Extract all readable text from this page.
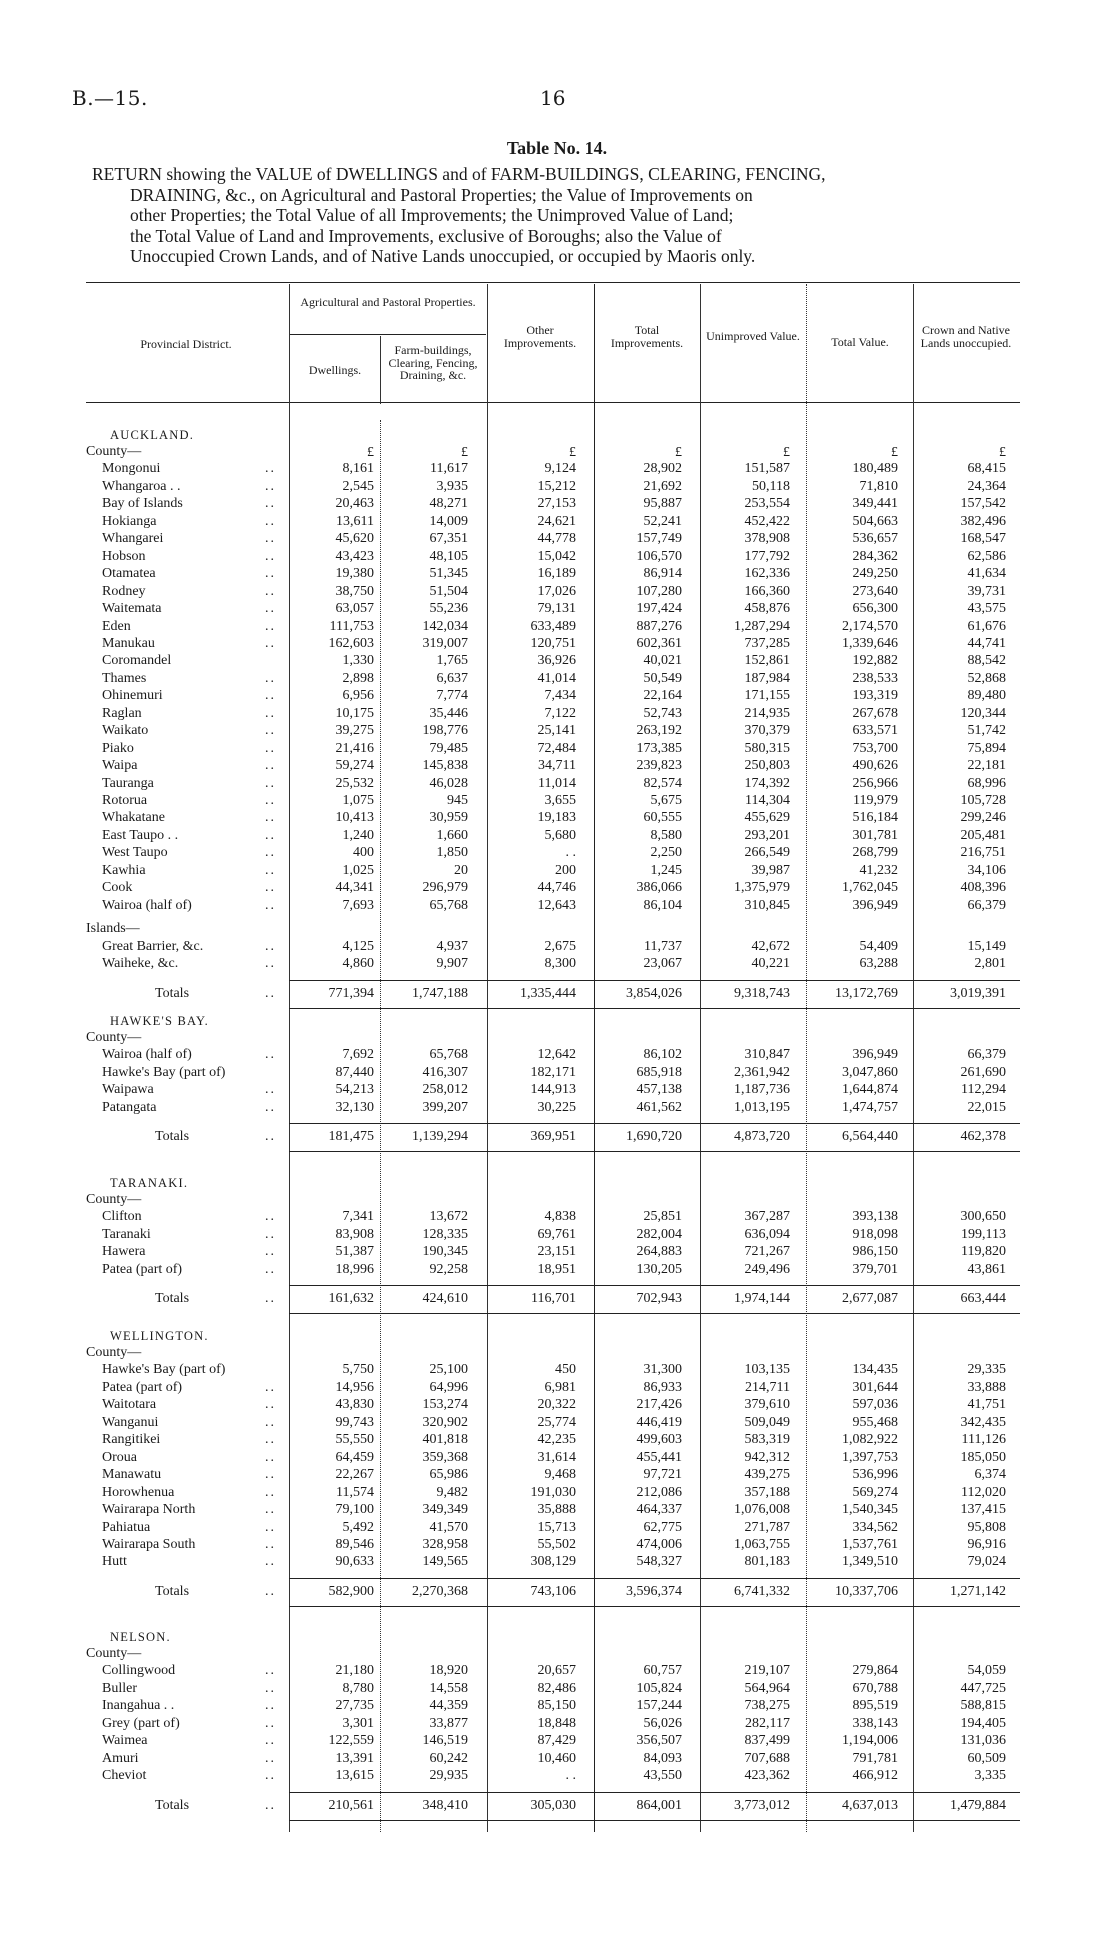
B.—15.	16
Table No. 14.
RETURN showing the VALUE of DWELLINGS and of FARM-BUILDINGS, CLEARING, FENCING,
DRAINING, &c., on Agricultural and Pastoral Properties; the Value of Improvements on
other Properties; the Total Value of all Improvements; the Unimproved Value of Land;
the Total Value of Land and Improvements, exclusive of Boroughs; also the Value of
Unoccupied Crown Lands, and of Native Lands unoccupied, or occupied by Maoris only.
Provincial District.
Agricultural and Pastoral Properties.
Dwellings.
Farm-buildings, Clearing, Fencing, Draining, &c.
Other Improvements.
Total Improvements.	Unimproved Value.	Total Value.
Crown and Native Lands unoccupied.
AUCKLAND.
£	£	£	£	£	£	£
County—
Mongonui	..	8,161	11,617	9,124	28,902	151,587	180,489	68,415
Whangaroa . .	..	2,545	3,935	15,212	21,692	50,118	71,810	24,364
Bay of Islands	..	20,463	48,271	27,153	95,887	253,554	349,441	157,542
Hokianga	..	13,611	14,009	24,621	52,241	452,422	504,663	382,496
Whangarei	..	45,620	67,351	44,778	157,749	378,908	536,657	168,547
Hobson	..	43,423	48,105	15,042	106,570	177,792	284,362	62,586
Otamatea	..	19,380	51,345	16,189	86,914	162,336	249,250	41,634
Rodney	..	38,750	51,504	17,026	107,280	166,360	273,640	39,731
Waitemata	..	63,057	55,236	79,131	197,424	458,876	656,300	43,575
Eden	..	111,753	142,034	633,489	887,276	1,287,294	2,174,570	61,676
Manukau	..	162,603	319,007	120,751	602,361	737,285	1,339,646	44,741
Coromandel	1,330	1,765	36,926	40,021	152,861	192,882	88,542
Thames	..	2,898	6,637	41,014	50,549	187,984	238,533	52,868
Ohinemuri	..	6,956	7,774	7,434	22,164	171,155	193,319	89,480
Raglan	..	10,175	35,446	7,122	52,743	214,935	267,678	120,344
Waikato	..	39,275	198,776	25,141	263,192	370,379	633,571	51,742
Piako	..	21,416	79,485	72,484	173,385	580,315	753,700	75,894
Waipa	..	59,274	145,838	34,711	239,823	250,803	490,626	22,181
Tauranga	..	25,532	46,028	11,014	82,574	174,392	256,966	68,996
Rotorua	..	1,075	945	3,655	5,675	114,304	119,979	105,728
Whakatane	..	10,413	30,959	19,183	60,555	455,629	516,184	299,246
East Taupo . .	..	1,240	1,660	5,680	8,580	293,201	301,781	205,481
West Taupo	..	400	1,850	. .	2,250	266,549	268,799	216,751
Kawhia	..	1,025	20	200	1,245	39,987	41,232	34,106
Cook	..	44,341	296,979	44,746	386,066	1,375,979	1,762,045	408,396
Wairoa (half of)	..	7,693	65,768	12,643	86,104	310,845	396,949	66,379
Islands—
Great Barrier, &c.	..	4,125	4,937	2,675	11,737	42,672	54,409	15,149
Waiheke, &c.	..	4,860	9,907	8,300	23,067	40,221	63,288	2,801
Totals	..	771,394	1,747,188	1,335,444	3,854,026	9,318,743	13,172,769	3,019,391
HAWKE'S BAY.
County—
Wairoa (half of)	..	7,692	65,768	12,642	86,102	310,847	396,949	66,379
Hawke's Bay (part of)	87,440	416,307	182,171	685,918	2,361,942	3,047,860	261,690
Waipawa	..	54,213	258,012	144,913	457,138	1,187,736	1,644,874	112,294
Patangata	..	32,130	399,207	30,225	461,562	1,013,195	1,474,757	22,015
Totals	..	181,475	1,139,294	369,951	1,690,720	4,873,720	6,564,440	462,378
TARANAKI.
County—
Clifton	..	7,341	13,672	4,838	25,851	367,287	393,138	300,650
Taranaki	..	83,908	128,335	69,761	282,004	636,094	918,098	199,113
Hawera	..	51,387	190,345	23,151	264,883	721,267	986,150	119,820
Patea (part of)	..	18,996	92,258	18,951	130,205	249,496	379,701	43,861
Totals	..	161,632	424,610	116,701	702,943	1,974,144	2,677,087	663,444
WELLINGTON.
County—
Hawke's Bay (part of)	5,750	25,100	450	31,300	103,135	134,435	29,335
Patea (part of)	..	14,956	64,996	6,981	86,933	214,711	301,644	33,888
Waitotara	..	43,830	153,274	20,322	217,426	379,610	597,036	41,751
Wanganui	..	99,743	320,902	25,774	446,419	509,049	955,468	342,435
Rangitikei	..	55,550	401,818	42,235	499,603	583,319	1,082,922	111,126
Oroua	..	64,459	359,368	31,614	455,441	942,312	1,397,753	185,050
Manawatu	..	22,267	65,986	9,468	97,721	439,275	536,996	6,374
Horowhenua	..	11,574	9,482	191,030	212,086	357,188	569,274	112,020
Wairarapa North	..	79,100	349,349	35,888	464,337	1,076,008	1,540,345	137,415
Pahiatua	..	5,492	41,570	15,713	62,775	271,787	334,562	95,808
Wairarapa South	..	89,546	328,958	55,502	474,006	1,063,755	1,537,761	96,916
Hutt	..	90,633	149,565	308,129	548,327	801,183	1,349,510	79,024
Totals	..	582,900	2,270,368	743,106	3,596,374	6,741,332	10,337,706	1,271,142
NELSON.
County—
Collingwood	..	21,180	18,920	20,657	60,757	219,107	279,864	54,059
Buller	..	8,780	14,558	82,486	105,824	564,964	670,788	447,725
Inangahua . .	..	27,735	44,359	85,150	157,244	738,275	895,519	588,815
Grey (part of)	..	3,301	33,877	18,848	56,026	282,117	338,143	194,405
Waimea	..	122,559	146,519	87,429	356,507	837,499	1,194,006	131,036
Amuri	..	13,391	60,242	10,460	84,093	707,688	791,781	60,509
Cheviot	..	13,615	29,935	. .	43,550	423,362	466,912	3,335
Totals	..	210,561	348,410	305,030	864,001	3,773,012	4,637,013	1,479,884
